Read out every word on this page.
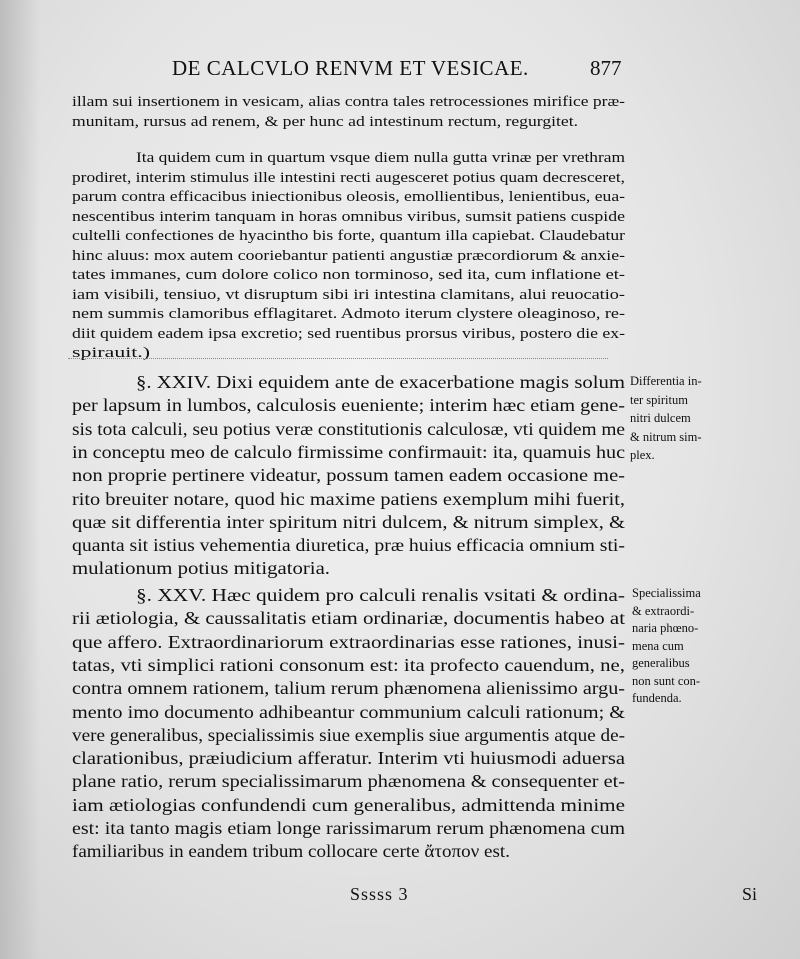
DE CALCVLO RENVM ET VESICAE.	877
illam sui insertionem in vesicam, alias contra tales retrocessiones mirifice præ-
munitam, rursus ad renem, & per hunc ad intestinum rectum, regurgitet.
Ita quidem cum in quartum vsque diem nulla gutta vrinæ per vrethram
prodiret, interim stimulus ille intestini recti augesceret potius quam decresceret,
parum contra efficacibus iniectionibus oleosis, emollientibus, lenientibus, eua-
nescentibus interim tanquam in horas omnibus viribus, sumsit patiens cuspide
cultelli confectiones de hyacintho bis forte, quantum illa capiebat. Claudebatur
hinc aluus: mox autem cooriebantur patienti angustiæ præcordiorum & anxie-
tates immanes, cum dolore colico non torminoso, sed ita, cum inflatione et-
iam visibili, tensiuo, vt disruptum sibi iri intestina clamitans, alui reuocatio-
nem summis clamoribus efflagitaret. Admoto iterum clystere oleaginoso, re-
diit quidem eadem ipsa excretio; sed ruentibus prorsus viribus, postero die ex-
spirauit.)
§. XXIV. Dixi equidem ante de exacerbatione magis solum
per lapsum in lumbos, calculosis eueniente; interim hæc etiam gene-
sis tota calculi, seu potius veræ constitutionis calculosæ, vti quidem me
in conceptu meo de calculo firmissime confirmauit: ita, quamuis huc
non proprie pertinere videatur, possum tamen eadem occasione me-
rito breuiter notare, quod hic maxime patiens exemplum mihi fuerit,
quæ sit differentia inter spiritum nitri dulcem, & nitrum simplex, &
quanta sit istius vehementia diuretica, præ huius efficacia omnium sti-
mulationum potius mitigatoria.
Differentia in-
ter spiritum
nitri dulcem
& nitrum sim-
plex.
§. XXV. Hæc quidem pro calculi renalis vsitati & ordina-
rii ætiologia, & caussalitatis etiam ordinariæ, documentis habeo at
que affero. Extraordinariorum extraordinarias esse rationes, inusi-
tatas, vti simplici rationi consonum est: ita profecto cauendum, ne,
contra omnem rationem, talium rerum phænomena alienissimo argu-
mento imo documento adhibeantur communium calculi rationum; &
vere generalibus, specialissimis siue exemplis siue argumentis atque de-
clarationibus, præiudicium afferatur. Interim vti huiusmodi aduersa
plane ratio, rerum specialissimarum phænomena & consequenter et-
iam ætiologias confundendi cum generalibus, admittenda minime
est: ita tanto magis etiam longe rarissimarum rerum phænomena cum
familiaribus in eandem tribum collocare certe ἄτοπον est.
Specialissima
& extraordi-
naria phœno-
mena cum
generalibus
non sunt con-
fundenda.
Sssss 3	Si
